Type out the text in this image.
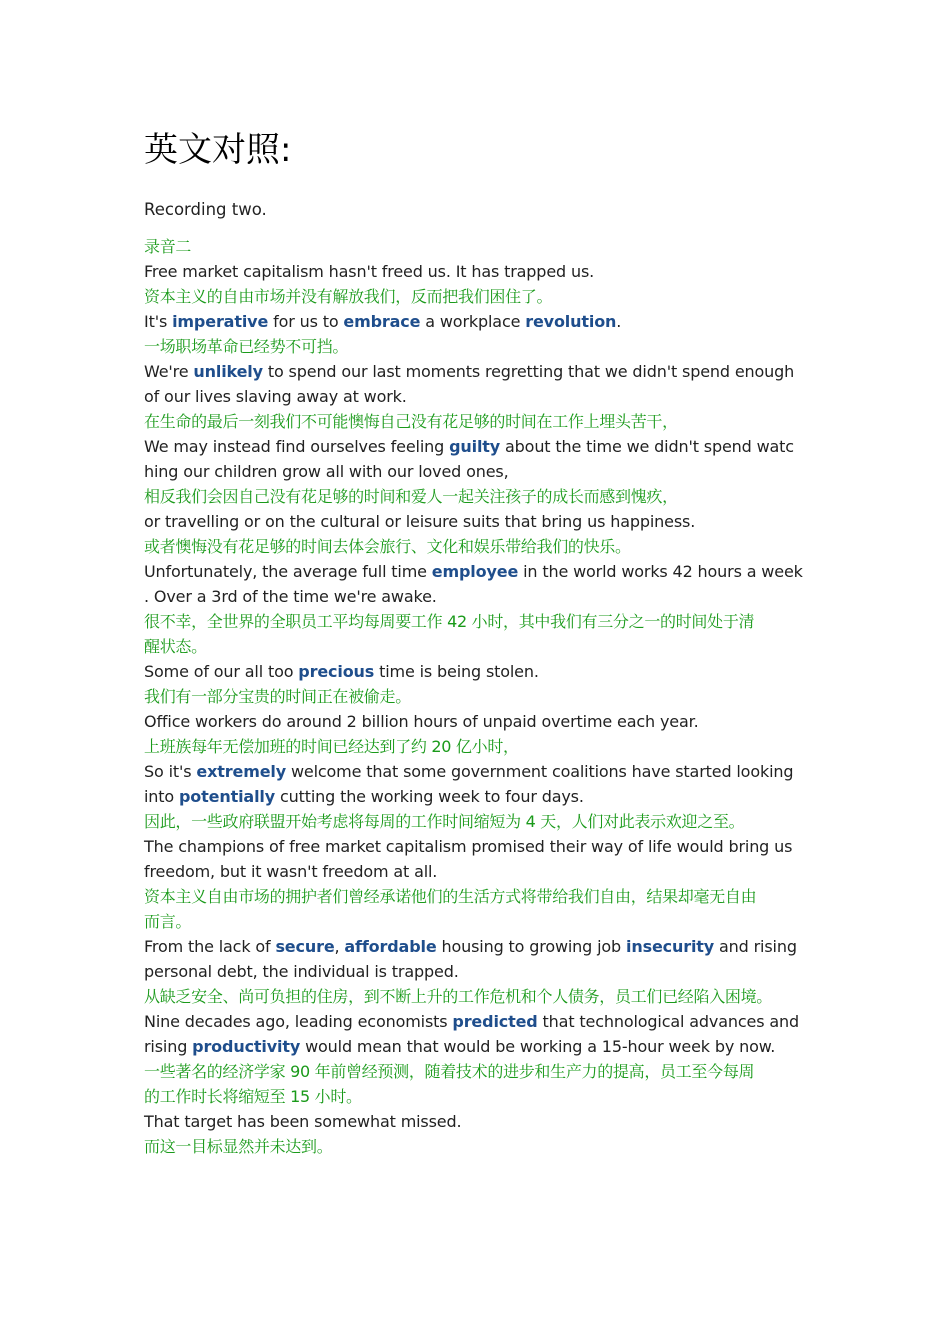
英文对照:

Recording two.

录音二
Free market capitalism hasn't freed us. It has trapped us.
资本主义的自由市场并没有解放我们，反而把我们困住了。
It's imperative for us to embrace a workplace revolution.
一场职场革命已经势不可挡。
We're unlikely to spend our last moments regretting that we didn't spend enough
of our lives slaving away at work.
在生命的最后一刻我们不可能懊悔自己没有花足够的时间在工作上埋头苦干，
We may instead find ourselves feeling guilty about the time we didn't spend watc
hing our children grow all with our loved ones,
相反我们会因自己没有花足够的时间和爱人一起关注孩子的成长而感到愧疚，
or travelling or on the cultural or leisure suits that bring us happiness.
或者懊悔没有花足够的时间去体会旅行、文化和娱乐带给我们的快乐。
Unfortunately, the average full time employee in the world works 42 hours a week
. Over a 3rd of the time we're awake.
很不幸，全世界的全职员工平均每周要工作 42 小时，其中我们有三分之一的时间处于清
醒状态。
Some of our all too precious time is being stolen.
我们有一部分宝贵的时间正在被偷走。
Office workers do around 2 billion hours of unpaid overtime each year.
上班族每年无偿加班的时间已经达到了约 20 亿小时，
So it's extremely welcome that some government coalitions have started looking
into potentially cutting the working week to four days.
因此，一些政府联盟开始考虑将每周的工作时间缩短为 4 天，人们对此表示欢迎之至。
The champions of free market capitalism promised their way of life would bring us
freedom, but it wasn't freedom at all.
资本主义自由市场的拥护者们曾经承诺他们的生活方式将带给我们自由，结果却毫无自由
而言。
From the lack of secure, affordable housing to growing job insecurity and rising
personal debt, the individual is trapped.
从缺乏安全、尚可负担的住房，到不断上升的工作危机和个人债务，员工们已经陷入困境。
Nine decades ago, leading economists predicted that technological advances and
rising productivity would mean that would be working a 15-hour week by now.
一些著名的经济学家 90 年前曾经预测，随着技术的进步和生产力的提高，员工至今每周
的工作时长将缩短至 15 小时。
That target has been somewhat missed.
而这一目标显然并未达到。
